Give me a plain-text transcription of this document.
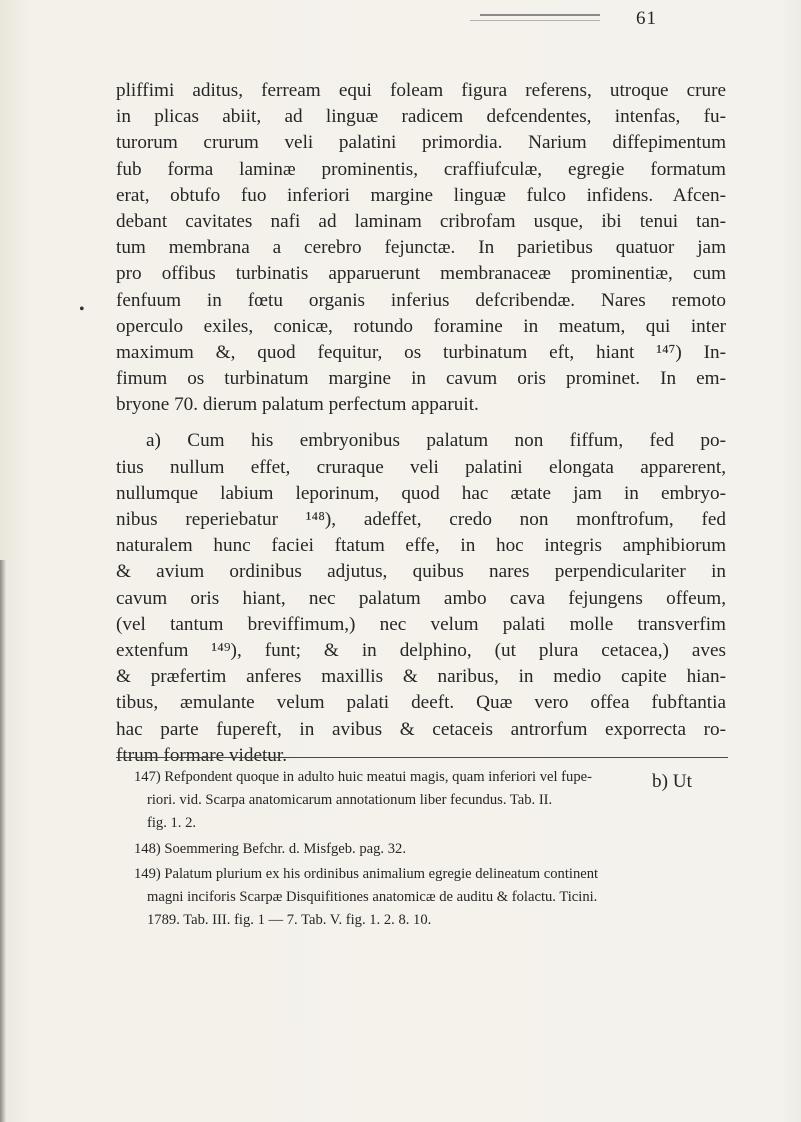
61
•
pliffimi aditus, ferream equi foleam figura referens, utroque crure
in plicas abiit, ad linguæ radicem defcendentes, intenfas, fu-
turorum crurum veli palatini primordia. Narium diffepimentum
fub forma laminæ prominentis, craffiufculæ, egregie formatum
erat, obtufo fuo inferiori margine linguæ fulco infidens. Afcen-
debant cavitates nafi ad laminam cribrofam usque, ibi tenui tan-
tum membrana a cerebro fejunctæ. In parietibus quatuor jam
pro offibus turbinatis apparuerunt membranaceæ prominentiæ, cum
fenfuum in fœtu organis inferius defcribendæ. Nares remoto
operculo exiles, conicæ, rotundo foramine in meatum, qui inter
maximum &, quod fequitur, os turbinatum eft, hiant ¹⁴⁷) In-
fimum os turbinatum margine in cavum oris prominet. In em-
bryone 70. dierum palatum perfectum apparuit.
a) Cum his embryonibus palatum non fiffum, fed po-
tius nullum effet, cruraque veli palatini elongata apparerent,
nullumque labium leporinum, quod hac ætate jam in embryo-
nibus reperiebatur ¹⁴⁸), adeffet, credo non monftrofum, fed
naturalem hunc faciei ftatum effe, in hoc integris amphibiorum
& avium ordinibus adjutus, quibus nares perpendiculariter in
cavum oris hiant, nec palatum ambo cava fejungens offeum,
(vel tantum breviffimum,) nec velum palati molle transverfim
extenfum ¹⁴⁹), funt; & in delphino, (ut plura cetacea,) aves
& præfertim anferes maxillis & naribus, in medio capite hian-
tibus, æmulante velum palati deeft. Quæ vero offea fubftantia
hac parte fupereft, in avibus & cetaceis antrorfum exporrecta ro-
ftrum formare videtur.
b) Ut
147) Refpondent quoque in adulto huic meatui magis, quam inferiori vel fupe-
riori. vid. Scarpa anatomicarum annotationum liber fecundus. Tab. II.
fig. 1. 2.
148) Soemmering Befchr. d. Misfgeb. pag. 32.
149) Palatum plurium ex his ordinibus animalium egregie delineatum continent
magni inciforis Scarpæ Disquifitiones anatomicæ de auditu & folactu. Ticini.
1789. Tab. III. fig. 1 — 7. Tab. V. fig. 1. 2. 8. 10.
